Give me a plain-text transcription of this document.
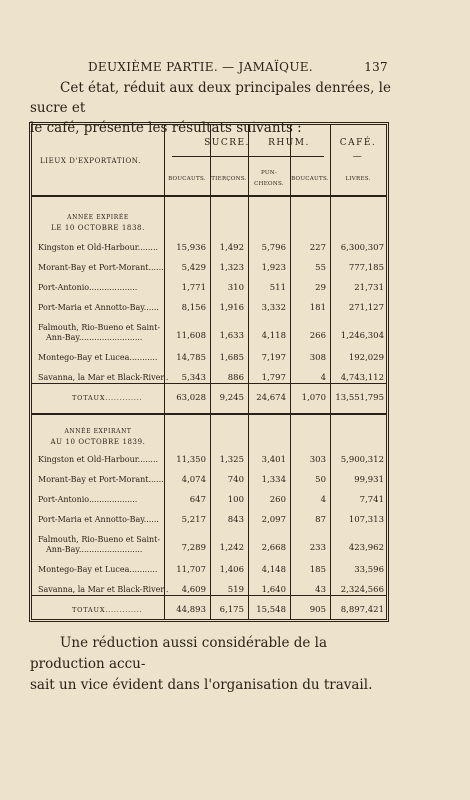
DEUXIÈME PARTIE. — JAMAÏQUE.	137
Cet état, réduit aux deux principales denrées, le sucre et
le café, présente les résultats suivants :
LIEUX D'EXPORTATION.
SUCRE.	RHUM.	CAFÉ.
—
BOUCAUTS. TIERÇONS.
PUN-
CHEONS.
BOUCAUTS.	LIVRES.
ANNÉE EXPIRÉE
LE 10 OCTOBRE 1838.
Kingston et Old-Harbour........	15,936	1,492	5,796	227	6,300,307
Morant-Bay et Port-Morant......	5,429	1,323	1,923	55	777,185
Port-Antonio...................	1,771	310	511	29	21,731
Port-Maria et Annotto-Bay......	8,156	1,916	3,332	181	271,127
Falmouth, Rio-Bueno et Saint-
Ann-Bay.........................	11,608	1,633	4,118	266	1,246,304
Montego-Bay et Lucea...........	14,785	1,685	7,197	308	192,029
Savanna, la Mar et Black-River..	5,343	886	1,797	4	4,743,112
TOTAUX.............	63,028	9,245	24,674	1,070	13,551,795
ANNÉE EXPIRANT
AU 10 OCTOBRE 1839.
Kingston et Old-Harbour........	11,350	1,325	3,401	303	5,900,312
Morant-Bay et Port-Morant......	4,074	740	1,334	50	99,931
Port-Antonio...................	647	100	260	4	7,741
Port-Maria et Annotto-Bay......	5,217	843	2,097	87	107,313
Falmouth, Rio-Bueno et Saint-
Ann-Bay.........................	7,289	1,242	2,668	233	423,962
Montego-Bay et Lucea...........	11,707	1,406	4,148	185	33,596
Savanna, la Mar et Black-River..	4,609	519	1,640	43	2,324,566
TOTAUX.............	44,893	6,175	15,548	905	8,897,421
Une réduction aussi considérable de la production accu-
sait un vice évident dans l'organisation du travail.
